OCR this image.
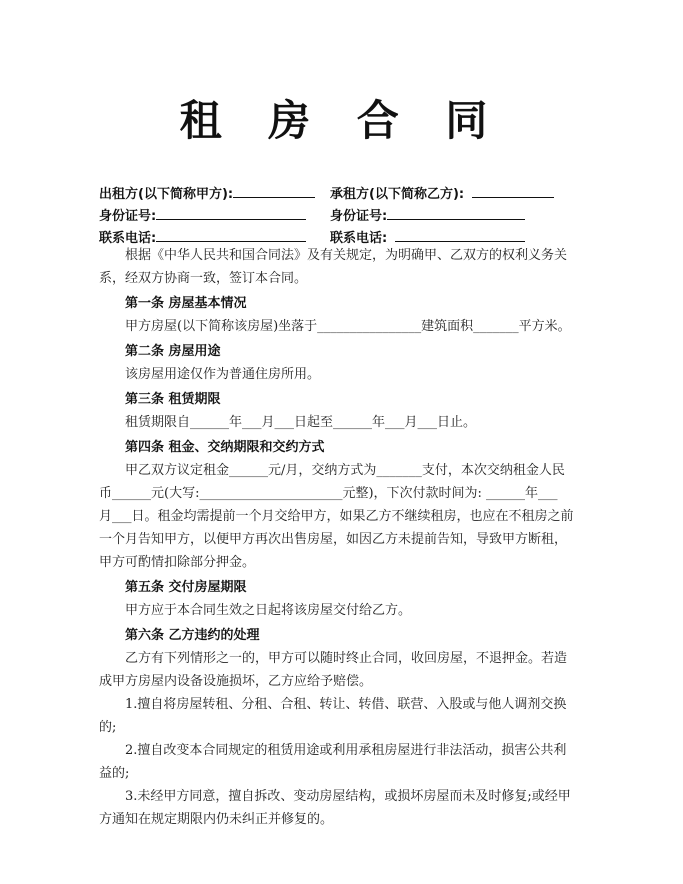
租 房 合 同
出租方(以下简称甲方):	承租方(以下简称乙方):
身份证号:	身份证号:
联系电话:	联系电话:

根据《中华人民共和国合同法》及有关规定，为明确甲、乙双方的权利义务关

系，经双方协商一致，签订本合同。

第一条 房屋基本情况

甲方房屋(以下简称该房屋)坐落于________________建筑面积_______平方米。

第二条 房屋用途

该房屋用途仅作为普通住房所用。

第三条 租赁期限

租赁期限自______年___月___日起至______年___月___日止。

第四条 租金、交纳期限和交约方式

甲乙双方议定租金______元/月，交纳方式为_______支付，本次交纳租金人民

币______元(大写:______________________元整)，下次付款时间为: ______年___

月___日。租金均需提前一个月交给甲方，如果乙方不继续租房，也应在不租房之前

一个月告知甲方，以便甲方再次出售房屋，如因乙方未提前告知，导致甲方断租，

甲方可酌情扣除部分押金。

第五条 交付房屋期限

甲方应于本合同生效之日起将该房屋交付给乙方。

第六条 乙方违约的处理

乙方有下列情形之一的，甲方可以随时终止合同，收回房屋，不退押金。若造

成甲方房屋内设备设施损坏，乙方应给予赔偿。

1.擅自将房屋转租、分租、合租、转让、转借、联营、入股或与他人调剂交换

的;

2.擅自改变本合同规定的租赁用途或利用承租房屋进行非法活动，损害公共利

益的;

3.未经甲方同意，擅自拆改、变动房屋结构，或损坏房屋而未及时修复;或经甲

方通知在规定期限内仍未纠正并修复的。
